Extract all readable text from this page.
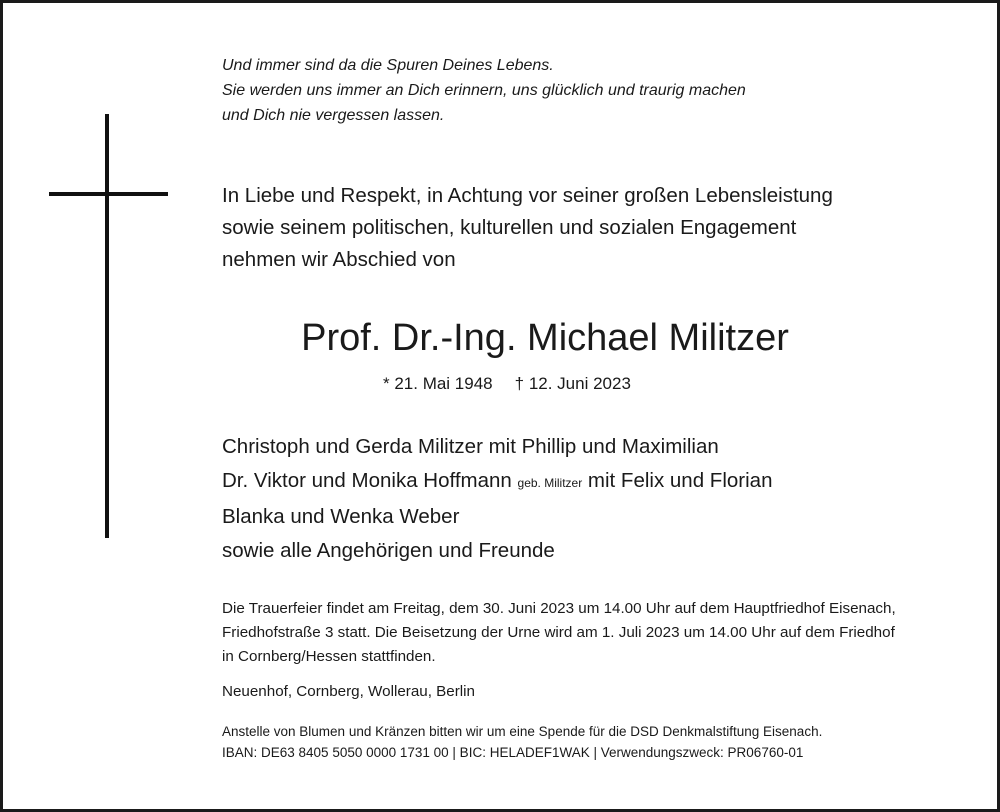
Und immer sind da die Spuren Deines Lebens.
Sie werden uns immer an Dich erinnern, uns glücklich und traurig machen
und Dich nie vergessen lassen.
In Liebe und Respekt, in Achtung vor seiner großen Lebensleistung
sowie seinem politischen, kulturellen und sozialen Engagement
nehmen wir Abschied von
Prof. Dr.-Ing. Michael Militzer
* 21. Mai 1948 † 12. Juni 2023
Christoph und Gerda Militzer mit Phillip und Maximilian
Dr. Viktor und Monika Hoffmann geb. Militzer mit Felix und Florian
Blanka und Wenka Weber
sowie alle Angehörigen und Freunde
Die Trauerfeier findet am Freitag, dem 30. Juni 2023 um 14.00 Uhr auf dem Hauptfriedhof Eisenach,
Friedhofstraße 3 statt. Die Beisetzung der Urne wird am 1. Juli 2023 um 14.00 Uhr auf dem Friedhof
in Cornberg/Hessen stattfinden.
Neuenhof, Cornberg, Wollerau, Berlin
Anstelle von Blumen und Kränzen bitten wir um eine Spende für die DSD Denkmalstiftung Eisenach.
IBAN: DE63 8405 5050 0000 1731 00 | BIC: HELADEF1WAK | Verwendungszweck: PR06760-01
